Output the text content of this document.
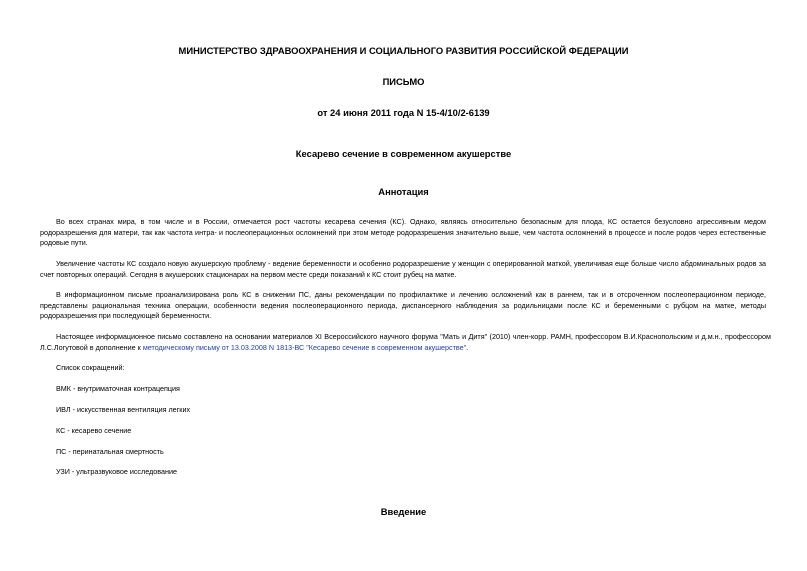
МИНИСТЕРСТВО ЗДРАВООХРАНЕНИЯ И СОЦИАЛЬНОГО РАЗВИТИЯ РОССИЙСКОЙ ФЕДЕРАЦИИ
ПИСЬМО
от 24 июня 2011 года N 15-4/10/2-6139
Кесарево сечение в современном акушерстве
Аннотация

Во всех странах мира, в том числе и в России, отмечается рост частоты кесарева сечения (КС). Однако, являясь относительно безопасным для плода, КС остается безусловно агрессивным медом родоразрешения для матери, так как частота интра- и послеоперационных осложнений при этом методе родоразрешения значительно выше, чем частота осложнений в процессе и после родов через естественные родовые пути.

Увеличение частоты КС создало новую акушерскую проблему - ведение беременности и особенно родоразрешение у женщин с оперированной маткой, увеличивая еще больше число абдоминальных родов за счет повторных операций. Сегодня в акушерских стационарах на первом месте среди показаний к КС стоит рубец на матке.

В информационном письме проанализирована роль КС в снижении ПС, даны рекомендации по профилактике и лечению осложнений как в раннем, так и в отсроченном послеоперационном периоде, представлены рациональная техника операции, особенности ведения послеоперационного периода, диспансерного наблюдения за родильницами после КС и беременными с рубцом на матке, методы родоразрешения при последующей беременности.

Настоящее информационное письмо составлено на основании материалов XI Всероссийского научного форума "Мать и Дитя" (2010) член-корр. РАМН, профессором В.И.Краснопольским и д.м.н., профессором Л.С.Логутовой в дополнение к методическому письму от 13.03.2008 N 1813-ВС "Кесарево сечение в современном акушерстве".

Список сокращений:
ВМК - внутриматочная контрацепция
ИВЛ - искусственная вентиляция легких
КС - кесарево сечение
ПС - перинатальная смертность
УЗИ - ультразвуковое исследование
Введение
